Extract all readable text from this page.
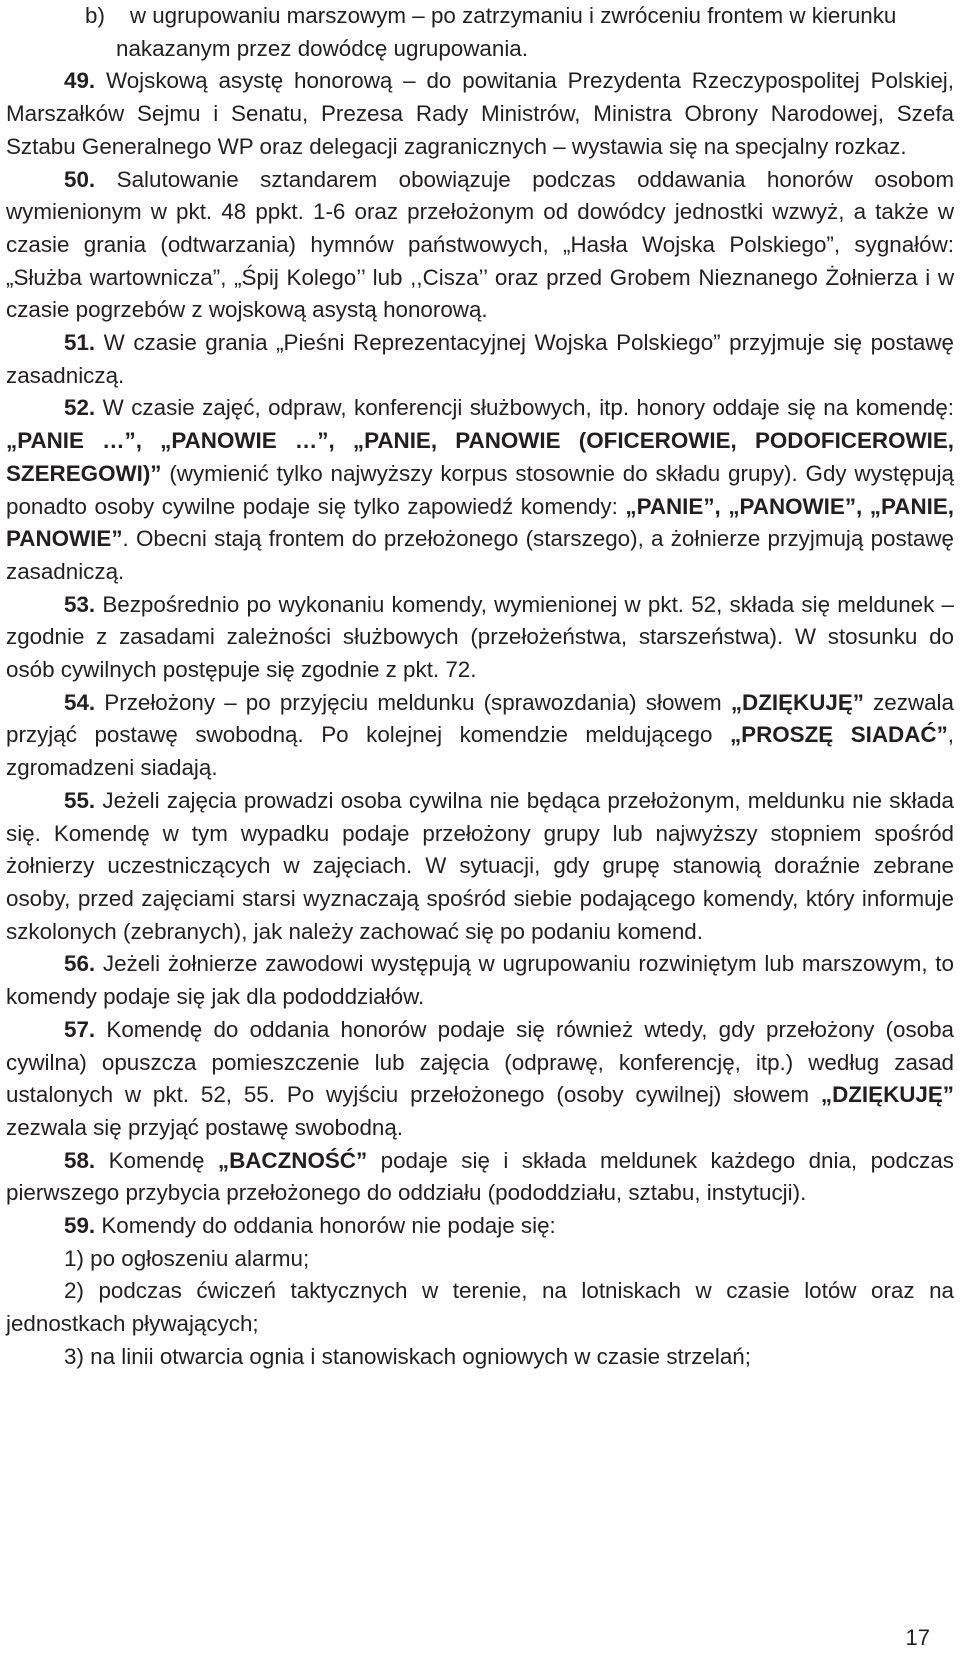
b) w ugrupowaniu marszowym – po zatrzymaniu i zwróceniu frontem w kierunku nakazanym przez dowódcę ugrupowania.

49. Wojskową asystę honorową – do powitania Prezydenta Rzeczypospolitej Polskiej, Marszałków Sejmu i Senatu, Prezesa Rady Ministrów, Ministra Obrony Narodowej, Szefa Sztabu Generalnego WP oraz delegacji zagranicznych – wystawia się na specjalny rozkaz.

50. Salutowanie sztandarem obowiązuje podczas oddawania honorów osobom wymienionym w pkt. 48 ppkt. 1-6 oraz przełożonym od dowódcy jednostki wzwyż, a także w czasie grania (odtwarzania) hymnów państwowych, „Hasła Wojska Polskiego”, sygnałów: „Służba wartownicza”, „Śpij Kolego’’ lub ,,Cisza’’ oraz przed Grobem Nieznanego Żołnierza i w czasie pogrzebów z wojskową asystą honorową.

51. W czasie grania „Pieśni Reprezentacyjnej Wojska Polskiego” przyjmuje się postawę zasadniczą.

52. W czasie zajęć, odpraw, konferencji służbowych, itp. honory oddaje się na komendę: „PANIE …”, „PANOWIE …”, „PANIE, PANOWIE (OFICEROWIE, PODOFICEROWIE, SZEREGOWI)” (wymienić tylko najwyższy korpus stosownie do składu grupy). Gdy występują ponadto osoby cywilne podaje się tylko zapowiedź komendy: „PANIE”, „PANOWIE”, „PANIE, PANOWIE”. Obecni stają frontem do przełożonego (starszego), a żołnierze przyjmują postawę zasadniczą.

53. Bezpośrednio po wykonaniu komendy, wymienionej w pkt. 52, składa się meldunek – zgodnie z zasadami zależności służbowych (przełożeństwa, starszeństwa). W stosunku do osób cywilnych postępuje się zgodnie z pkt. 72.

54. Przełożony – po przyjęciu meldunku (sprawozdania) słowem „DZIĘKUJĘ” zezwala przyjąć postawę swobodną. Po kolejnej komendzie meldującego „PROSZĘ SIADAĆ”, zgromadzeni siadają.

55. Jeżeli zajęcia prowadzi osoba cywilna nie będąca przełożonym, meldunku nie składa się. Komendę w tym wypadku podaje przełożony grupy lub najwyższy stopniem spośród żołnierzy uczestniczących w zajęciach. W sytuacji, gdy grupę stanowią doraźnie zebrane osoby, przed zajęciami starsi wyznaczają spośród siebie podającego komendy, który informuje szkolonych (zebranych), jak należy zachować się po podaniu komend.

56. Jeżeli żołnierze zawodowi występują w ugrupowaniu rozwiniętym lub marszowym, to komendy podaje się jak dla pododdziałów.

57. Komendę do oddania honorów podaje się również wtedy, gdy przełożony (osoba cywilna) opuszcza pomieszczenie lub zajęcia (odprawę, konferencję, itp.) według zasad ustalonych w pkt. 52, 55. Po wyjściu przełożonego (osoby cywilnej) słowem „DZIĘKUJĘ” zezwala się przyjąć postawę swobodną.

58. Komendę „BACZNOŚĆ” podaje się i składa meldunek każdego dnia, podczas pierwszego przybycia przełożonego do oddziału (pododdziału, sztabu, instytucji).

59. Komendy do oddania honorów nie podaje się:

1) po ogłoszeniu alarmu;

2) podczas ćwiczeń taktycznych w terenie, na lotniskach w czasie lotów oraz na jednostkach pływających;

3) na linii otwarcia ognia i stanowiskach ogniowych w czasie strzelań;

17
